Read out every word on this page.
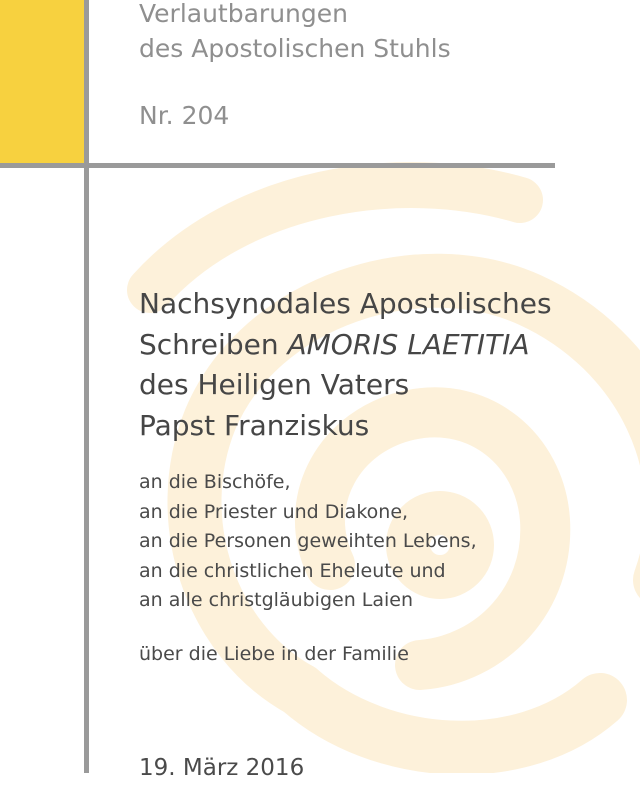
Verlautbarungen
des Apostolischen Stuhls
Nr. 204
Nachsynodales Apostolisches
Schreiben AMORIS LAETITIA
des Heiligen Vaters
Papst Franziskus
an die Bischöfe,
an die Priester und Diakone,
an die Personen geweihten Lebens,
an die christlichen Eheleute und
an alle christgläubigen Laien
über die Liebe in der Familie
19. März 2016
